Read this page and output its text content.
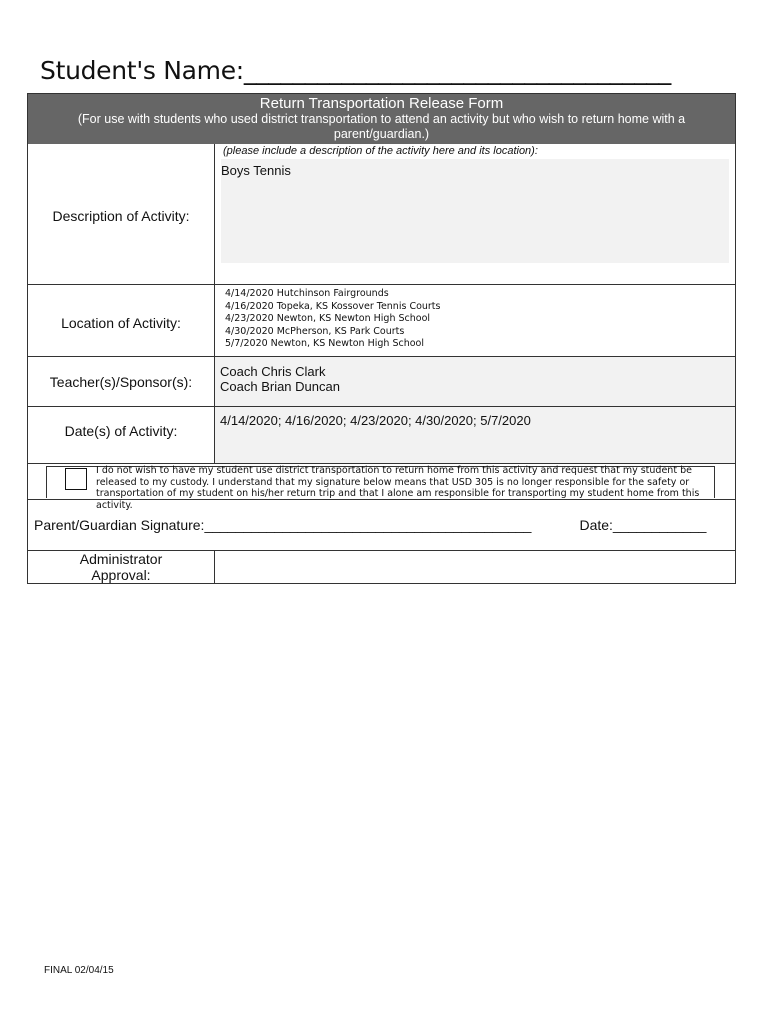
Student's Name:___________________________________
Return Transportation Release Form
(For use with students who used district transportation to attend an activity but who wish to return home with a parent/guardian.)
Description of Activity:
(please include a description of the activity here and its location):
Boys Tennis
Location of Activity:
4/14/2020 Hutchinson Fairgrounds
4/16/2020 Topeka, KS Kossover Tennis Courts
4/23/2020 Newton, KS Newton High School
4/30/2020 McPherson, KS Park Courts
5/7/2020 Newton, KS Newton High School
Teacher(s)/Sponsor(s):
Coach Chris Clark
Coach Brian Duncan
Date(s) of Activity:
4/14/2020; 4/16/2020; 4/23/2020; 4/30/2020; 5/7/2020
I do not wish to have my student use district transportation to return home from this activity and request that my student be released to my custody. I understand that my signature below means that USD 305 is no longer responsible for the safety or transportation of my student on his/her return trip and that I alone am responsible for transporting my student home from this activity.
Parent/Guardian Signature:__________________________________________	Date:____________
Administrator
Approval:
FINAL 02/04/15
